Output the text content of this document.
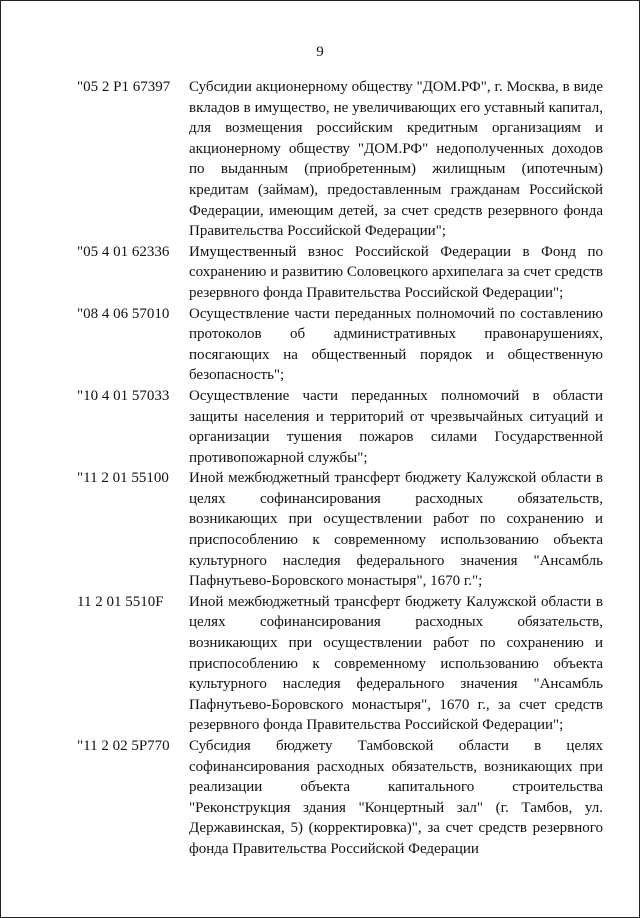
9
"05 2 P1 67397 Субсидии акционерному обществу "ДОМ.РФ", г. Москва, в виде вкладов в имущество, не увеличивающих его уставный капитал, для возмещения российским кредитным организациям и акционерному обществу "ДОМ.РФ" недополученных доходов по выданным (приобретенным) жилищным (ипотечным) кредитам (займам), предоставленным гражданам Российской Федерации, имеющим детей, за счет средств резервного фонда Правительства Российской Федерации";
"05 4 01 62336 Имущественный взнос Российской Федерации в Фонд по сохранению и развитию Соловецкого архипелага за счет средств резервного фонда Правительства Российской Федерации";
"08 4 06 57010 Осуществление части переданных полномочий по составлению протоколов об административных правонарушениях, посягающих на общественный порядок и общественную безопасность";
"10 4 01 57033 Осуществление части переданных полномочий в области защиты населения и территорий от чрезвычайных ситуаций и организации тушения пожаров силами Государственной противопожарной службы";
"11 2 01 55100 Иной межбюджетный трансферт бюджету Калужской области в целях софинансирования расходных обязательств, возникающих при осуществлении работ по сохранению и приспособлению к современному использованию объекта культурного наследия федерального значения "Ансамбль Пафнутьево-Боровского монастыря", 1670 г.";
11 2 01 5510F Иной межбюджетный трансферт бюджету Калужской области в целях софинансирования расходных обязательств, возникающих при осуществлении работ по сохранению и приспособлению к современному использованию объекта культурного наследия федерального значения "Ансамбль Пафнутьево-Боровского монастыря", 1670 г., за счет средств резервного фонда Правительства Российской Федерации";
"11 2 02 5P770 Субсидия бюджету Тамбовской области в целях софинансирования расходных обязательств, возникающих при реализации объекта капитального строительства "Реконструкция здания "Концертный зал" (г. Тамбов, ул. Державинская, 5) (корректировка)", за счет средств резервного фонда Правительства Российской Федерации
